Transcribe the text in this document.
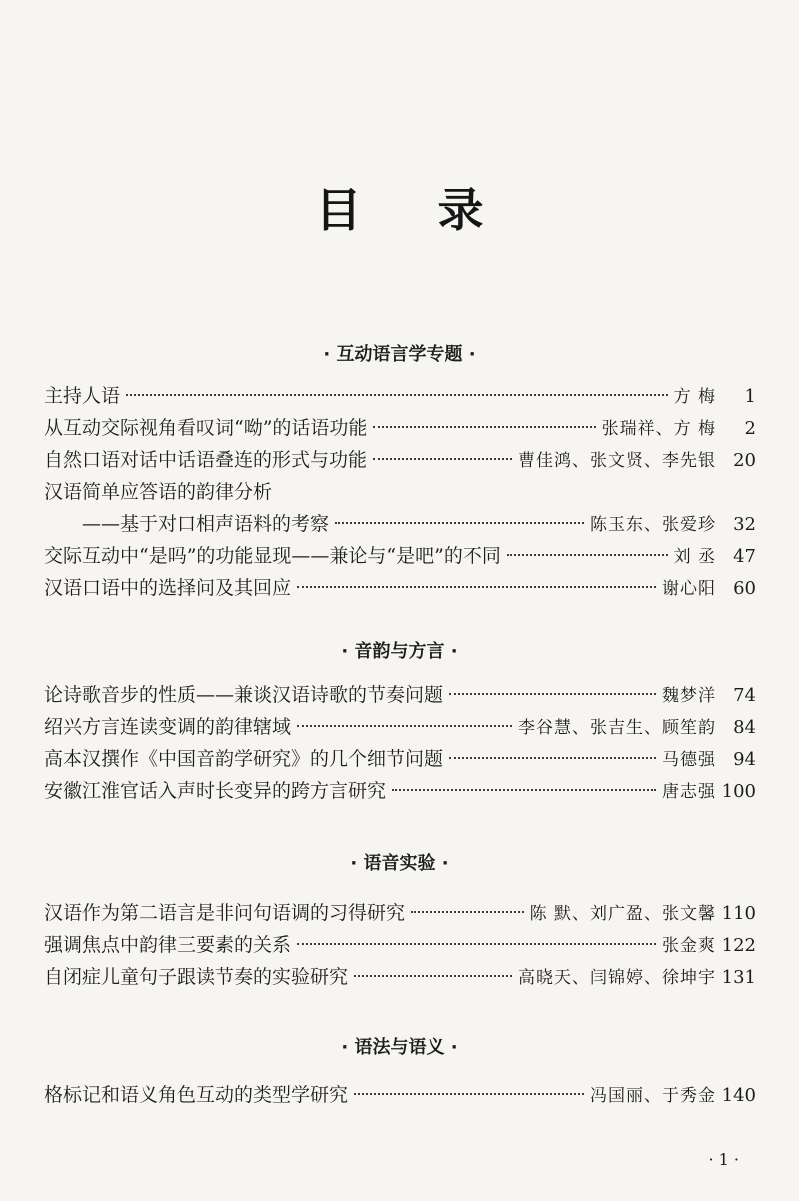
目 录
· 互动语言学专题 ·
主持人语	方 梅	1
从互动交际视角看叹词“呦”的话语功能	张瑞祥、方 梅	2
自然口语对话中话语叠连的形式与功能	曹佳鸿、张文贤、李先银 20
汉语简单应答语的韵律分析
——基于对口相声语料的考察	陈玉东、张爱珍 32
交际互动中“是吗”的功能显现——兼论与“是吧”的不同	刘 丞 47
汉语口语中的选择问及其回应	谢心阳 60
· 音韵与方言 ·
论诗歌音步的性质——兼谈汉语诗歌的节奏问题	魏梦洋 74
绍兴方言连读变调的韵律辖域	李谷慧、张吉生、顾笙韵 84
高本汉撰作《中国音韵学研究》的几个细节问题	马德强 94
安徽江淮官话入声时长变异的跨方言研究	唐志强 100
· 语音实验 ·
汉语作为第二语言是非问句语调的习得研究	陈 默、刘广盈、张文馨 110
强调焦点中韵律三要素的关系	张金爽 122
自闭症儿童句子跟读节奏的实验研究	高晓天、闫锦婷、徐坤宇 131
· 语法与语义 ·
格标记和语义角色互动的类型学研究	冯国丽、于秀金 140
· 1 ·
